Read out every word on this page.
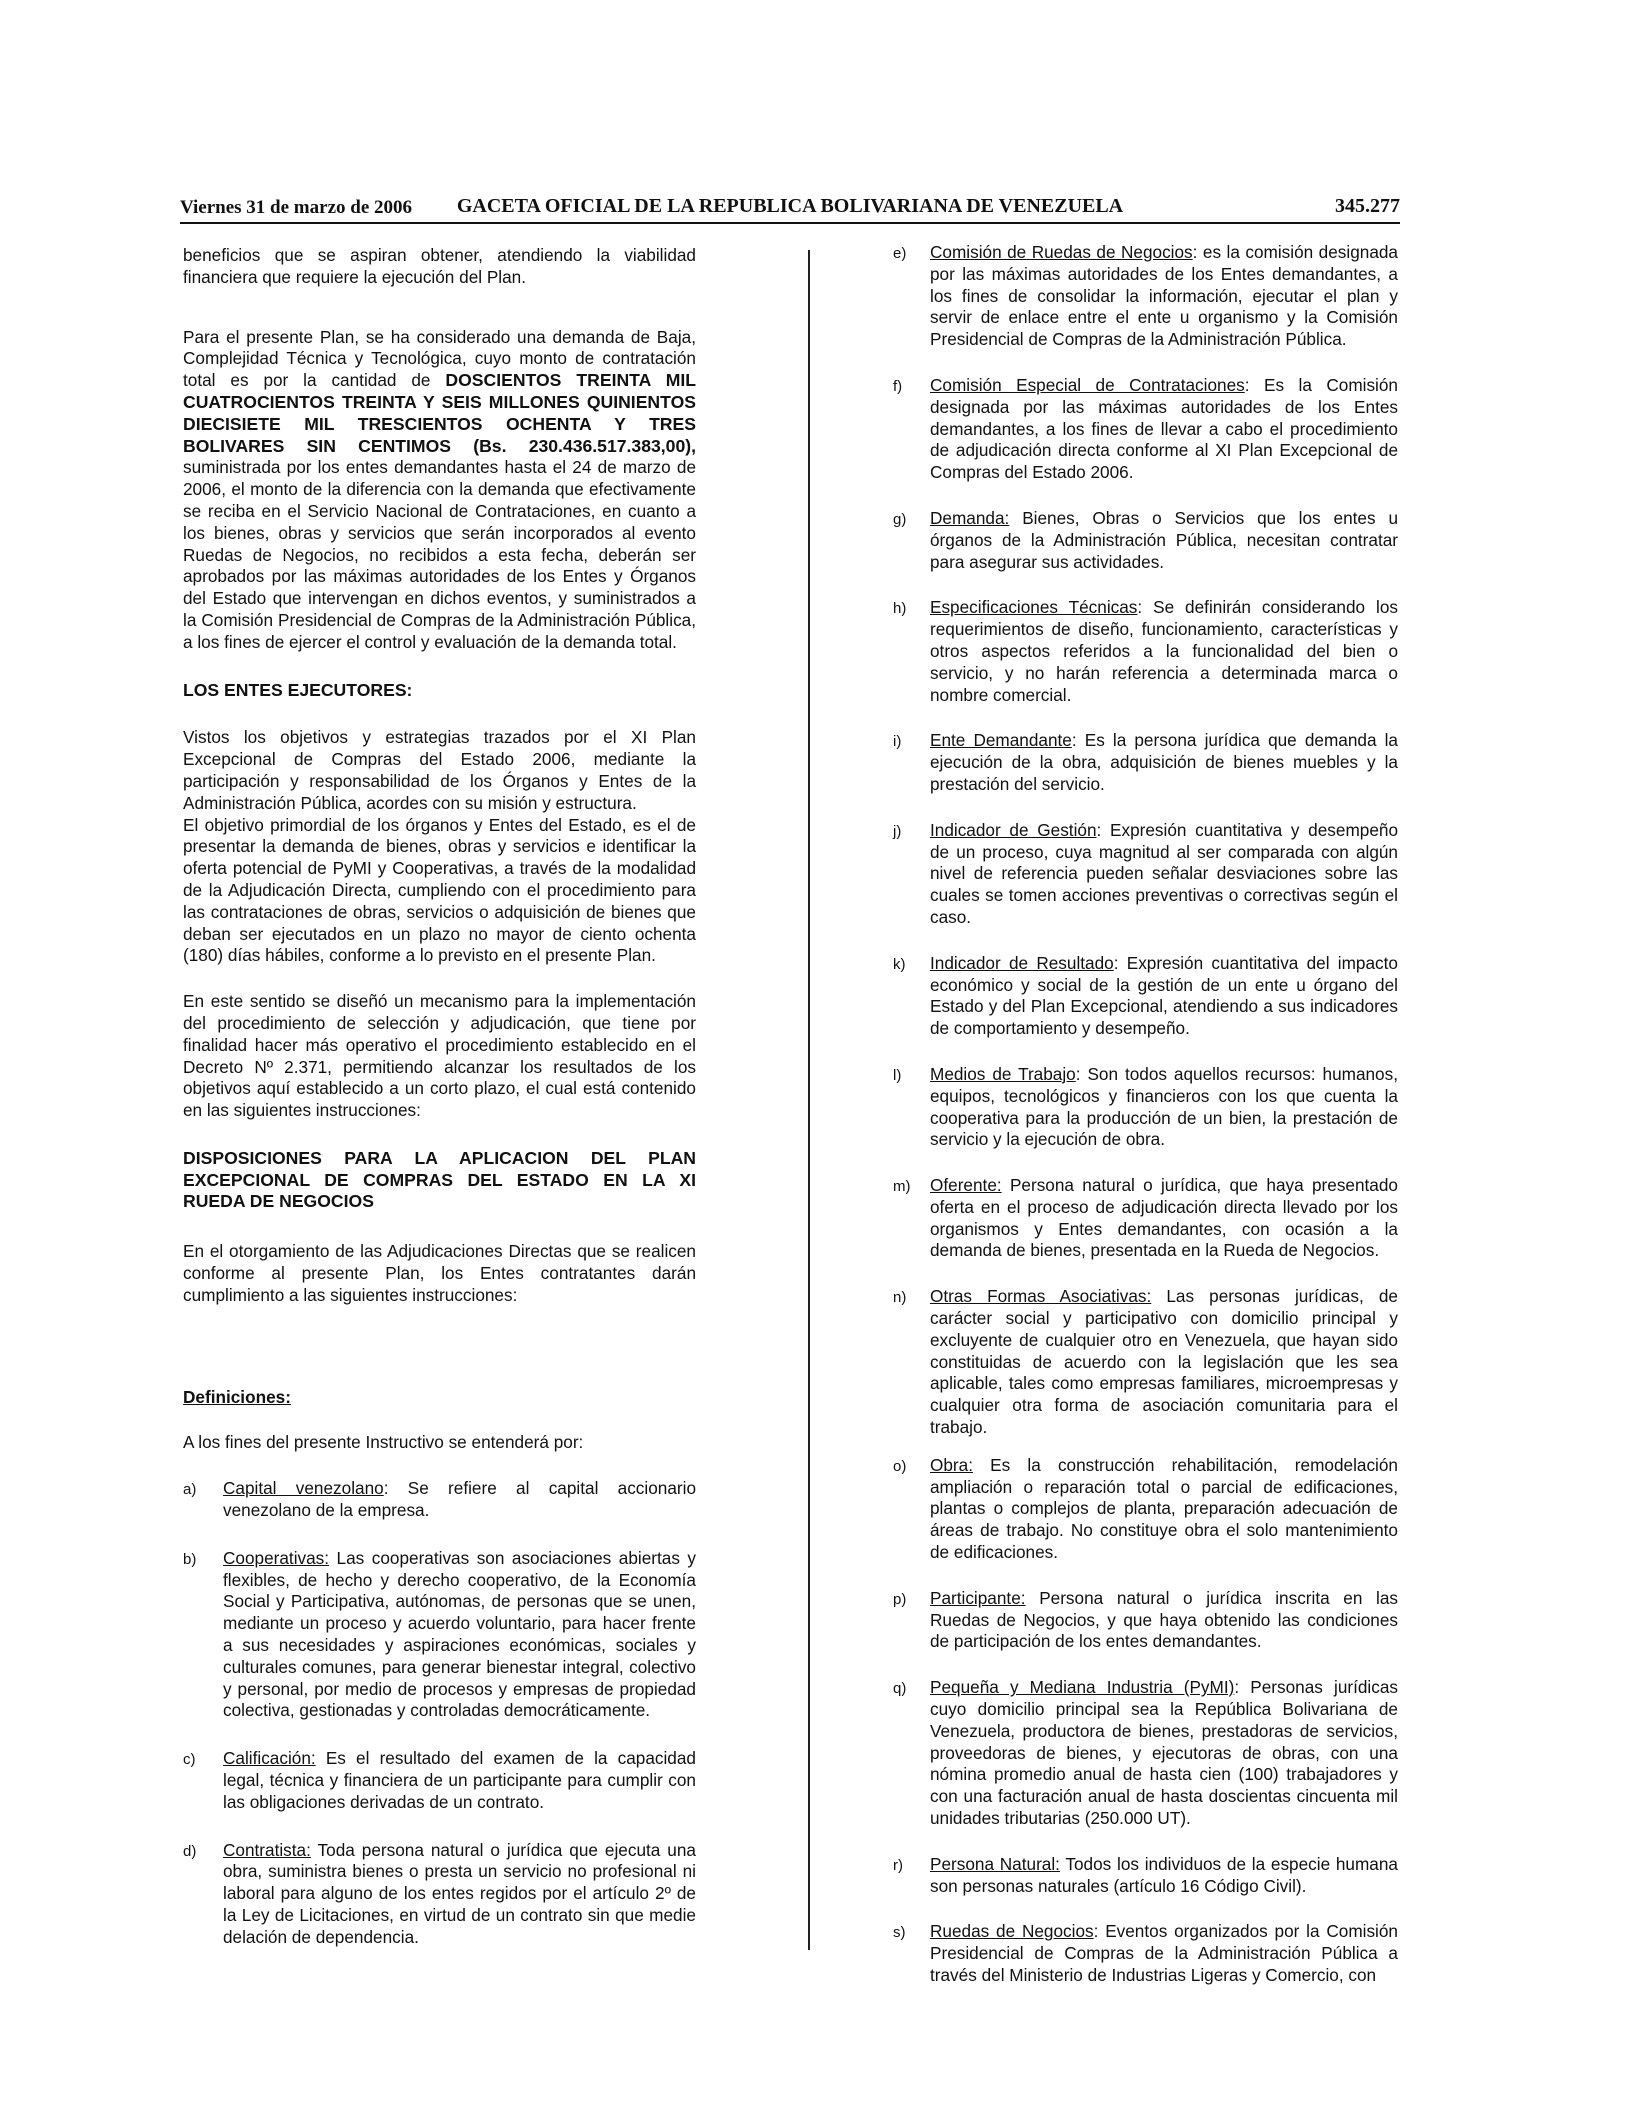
Viernes 31 de marzo de 2006	GACETA OFICIAL DE LA REPUBLICA BOLIVARIANA DE VENEZUELA	345.277

beneficios que se aspiran obtener, atendiendo la viabilidad financiera que requiere la ejecución del Plan.

Para el presente Plan, se ha considerado una demanda de Baja, Complejidad Técnica y Tecnológica, cuyo monto de contratación total es por la cantidad de DOSCIENTOS TREINTA MIL CUATROCIENTOS TREINTA Y SEIS MILLONES QUINIENTOS DIECISIETE MIL TRESCIENTOS OCHENTA Y TRES BOLIVARES SIN CENTIMOS (Bs. 230.436.517.383,00), suministrada por los entes demandantes hasta el 24 de marzo de 2006, el monto de la diferencia con la demanda que efectivamente se reciba en el Servicio Nacional de Contrataciones, en cuanto a los bienes, obras y servicios que serán incorporados al evento Ruedas de Negocios, no recibidos a esta fecha, deberán ser aprobados por las máximas autoridades de los Entes y Órganos del Estado que intervengan en dichos eventos, y suministrados a la Comisión Presidencial de Compras de la Administración Pública, a los fines de ejercer el control y evaluación de la demanda total.

LOS ENTES EJECUTORES:

Vistos los objetivos y estrategias trazados por el XI Plan Excepcional de Compras del Estado 2006, mediante la participación y responsabilidad de los Órganos y Entes de la Administración Pública, acordes con su misión y estructura.

El objetivo primordial de los órganos y Entes del Estado, es el de presentar la demanda de bienes, obras y servicios e identificar la oferta potencial de PyMI y Cooperativas, a través de la modalidad de la Adjudicación Directa, cumpliendo con el procedimiento para las contrataciones de obras, servicios o adquisición de bienes que deban ser ejecutados en un plazo no mayor de ciento ochenta (180) días hábiles, conforme a lo previsto en el presente Plan.

En este sentido se diseñó un mecanismo para la implementación del procedimiento de selección y adjudicación, que tiene por finalidad hacer más operativo el procedimiento establecido en el Decreto Nº 2.371, permitiendo alcanzar los resultados de los objetivos aquí establecido a un corto plazo, el cual está contenido en las siguientes instrucciones:

DISPOSICIONES PARA LA APLICACION DEL PLAN EXCEPCIONAL DE COMPRAS DEL ESTADO EN LA XI RUEDA DE NEGOCIOS

En el otorgamiento de las Adjudicaciones Directas que se realicen conforme al presente Plan, los Entes contratantes darán cumplimiento a las siguientes instrucciones:

Definiciones:

A los fines del presente Instructivo se entenderá por:

a) Capital venezolano: Se refiere al capital accionario venezolano de la empresa.
b) Cooperativas: Las cooperativas son asociaciones abiertas y flexibles, de hecho y derecho cooperativo, de la Economía Social y Participativa, autónomas, de personas que se unen, mediante un proceso y acuerdo voluntario, para hacer frente a sus necesidades y aspiraciones económicas, sociales y culturales comunes, para generar bienestar integral, colectivo y personal, por medio de procesos y empresas de propiedad colectiva, gestionadas y controladas democráticamente.
c) Calificación: Es el resultado del examen de la capacidad legal, técnica y financiera de un participante para cumplir con las obligaciones derivadas de un contrato.
d) Contratista: Toda persona natural o jurídica que ejecuta una obra, suministra bienes o presta un servicio no profesional ni laboral para alguno de los entes regidos por el artículo 2º de la Ley de Licitaciones, en virtud de un contrato sin que medie delación de dependencia.
e) Comisión de Ruedas de Negocios: es la comisión designada por las máximas autoridades de los Entes demandantes, a los fines de consolidar la información, ejecutar el plan y servir de enlace entre el ente u organismo y la Comisión Presidencial de Compras de la Administración Pública.
f) Comisión Especial de Contrataciones: Es la Comisión designada por las máximas autoridades de los Entes demandantes, a los fines de llevar a cabo el procedimiento de adjudicación directa conforme al XI Plan Excepcional de Compras del Estado 2006.
g) Demanda: Bienes, Obras o Servicios que los entes u órganos de la Administración Pública, necesitan contratar para asegurar sus actividades.
h) Especificaciones Técnicas: Se definirán considerando los requerimientos de diseño, funcionamiento, características y otros aspectos referidos a la funcionalidad del bien o servicio, y no harán referencia a determinada marca o nombre comercial.
i) Ente Demandante: Es la persona jurídica que demanda la ejecución de la obra, adquisición de bienes muebles y la prestación del servicio.
j) Indicador de Gestión: Expresión cuantitativa y desempeño de un proceso, cuya magnitud al ser comparada con algún nivel de referencia pueden señalar desviaciones sobre las cuales se tomen acciones preventivas o correctivas según el caso.
k) Indicador de Resultado: Expresión cuantitativa del impacto económico y social de la gestión de un ente u órgano del Estado y del Plan Excepcional, atendiendo a sus indicadores de comportamiento y desempeño.
l) Medios de Trabajo: Son todos aquellos recursos: humanos, equipos, tecnológicos y financieros con los que cuenta la cooperativa para la producción de un bien, la prestación de servicio y la ejecución de obra.
m) Oferente: Persona natural o jurídica, que haya presentado oferta en el proceso de adjudicación directa llevado por los organismos y Entes demandantes, con ocasión a la demanda de bienes, presentada en la Rueda de Negocios.
n) Otras Formas Asociativas: Las personas jurídicas, de carácter social y participativo con domicilio principal y excluyente de cualquier otro en Venezuela, que hayan sido constituidas de acuerdo con la legislación que les sea aplicable, tales como empresas familiares, microempresas y cualquier otra forma de asociación comunitaria para el trabajo.
o) Obra: Es la construcción rehabilitación, remodelación ampliación o reparación total o parcial de edificaciones, plantas o complejos de planta, preparación adecuación de áreas de trabajo. No constituye obra el solo mantenimiento de edificaciones.
p) Participante: Persona natural o jurídica inscrita en las Ruedas de Negocios, y que haya obtenido las condiciones de participación de los entes demandantes.
q) Pequeña y Mediana Industria (PyMI): Personas jurídicas cuyo domicilio principal sea la República Bolivariana de Venezuela, productora de bienes, prestadoras de servicios, proveedoras de bienes, y ejecutoras de obras, con una nómina promedio anual de hasta cien (100) trabajadores y con una facturación anual de hasta doscientas cincuenta mil unidades tributarias (250.000 UT).
r) Persona Natural: Todos los individuos de la especie humana son personas naturales (artículo 16 Código Civil).
s) Ruedas de Negocios: Eventos organizados por la Comisión Presidencial de Compras de la Administración Pública a través del Ministerio de Industrias Ligeras y Comercio, con
